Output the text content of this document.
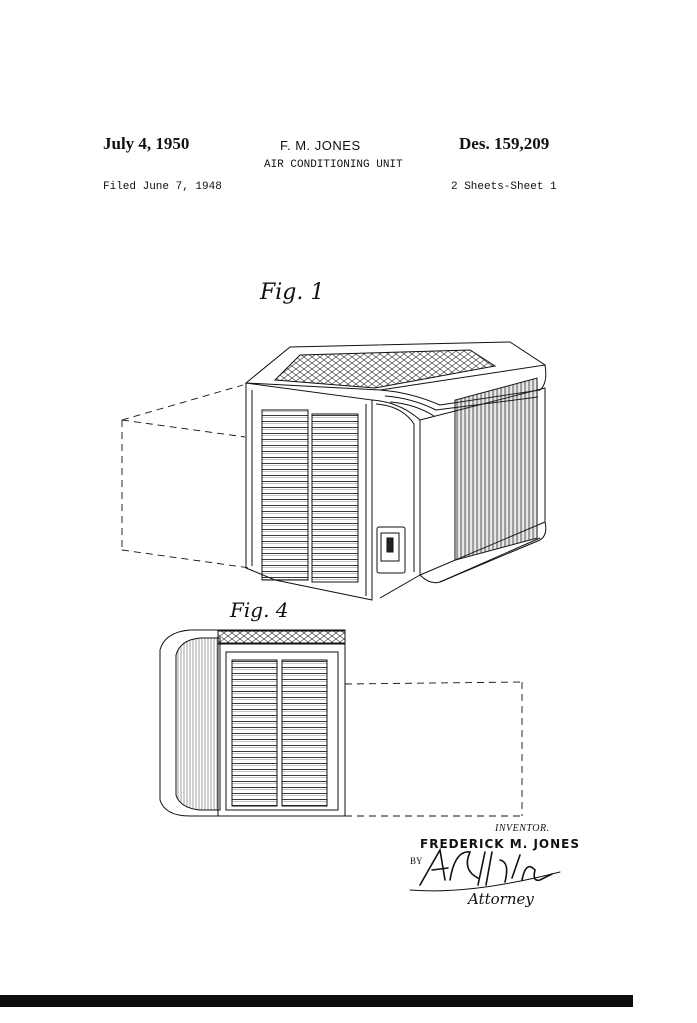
July 4, 1950	F. M. JONES	Des. 159,209
AIR CONDITIONING UNIT
Filed June 7, 1948	2 Sheets-Sheet 1
Fig. 1
Fig. 4
INVENTOR.
FREDERICK M. JONES
BY
Attorney
